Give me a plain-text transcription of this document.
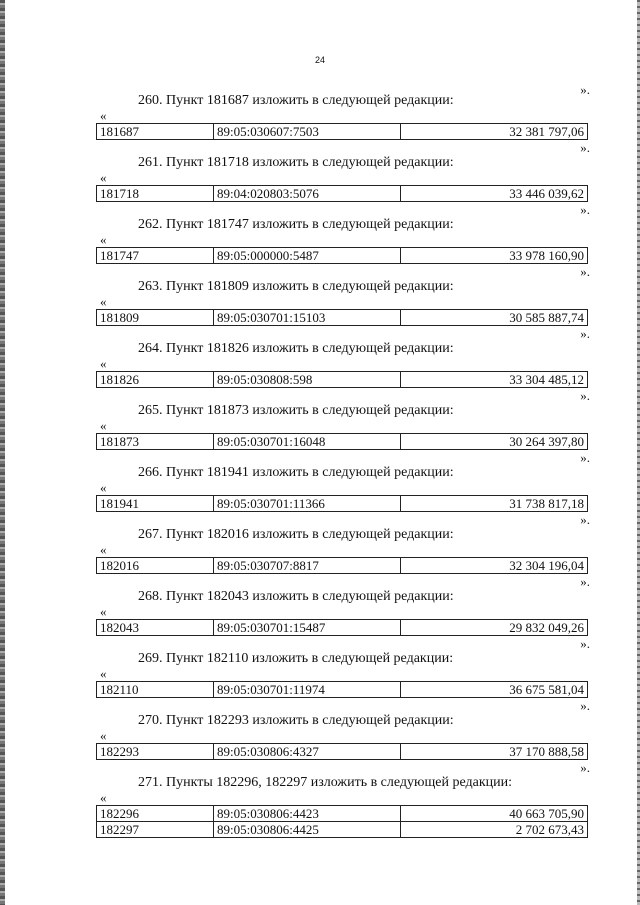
24
».
260. Пункт 181687 изложить в следующей редакции:
«
181687	89:05:030607:7503	32 381 797,06
».
261. Пункт 181718 изложить в следующей редакции:
«
181718	89:04:020803:5076	33 446 039,62
».
262. Пункт 181747 изложить в следующей редакции:
«
181747	89:05:000000:5487	33 978 160,90
».
263. Пункт 181809 изложить в следующей редакции:
«
181809	89:05:030701:15103	30 585 887,74
».
264. Пункт 181826 изложить в следующей редакции:
«
181826	89:05:030808:598	33 304 485,12
».
265. Пункт 181873 изложить в следующей редакции:
«
181873	89:05:030701:16048	30 264 397,80
».
266. Пункт 181941 изложить в следующей редакции:
«
181941	89:05:030701:11366	31 738 817,18
».
267. Пункт 182016 изложить в следующей редакции:
«
182016	89:05:030707:8817	32 304 196,04
».
268. Пункт 182043 изложить в следующей редакции:
«
182043	89:05:030701:15487	29 832 049,26
».
269. Пункт 182110 изложить в следующей редакции:
«
182110	89:05:030701:11974	36 675 581,04
».
270. Пункт 182293 изложить в следующей редакции:
«
182293	89:05:030806:4327	37 170 888,58
».
271. Пункты 182296, 182297 изложить в следующей редакции:
«
182296	89:05:030806:4423	40 663 705,90
182297	89:05:030806:4425	2 702 673,43
